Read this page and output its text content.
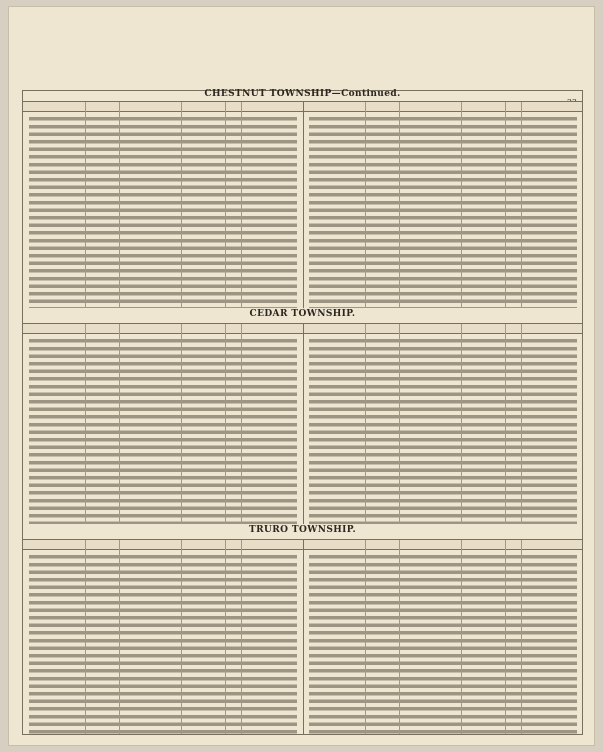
CHESTNUT TOWNSHIP—Continued.
CEDAR TOWNSHIP.
TRURO TOWNSHIP.
